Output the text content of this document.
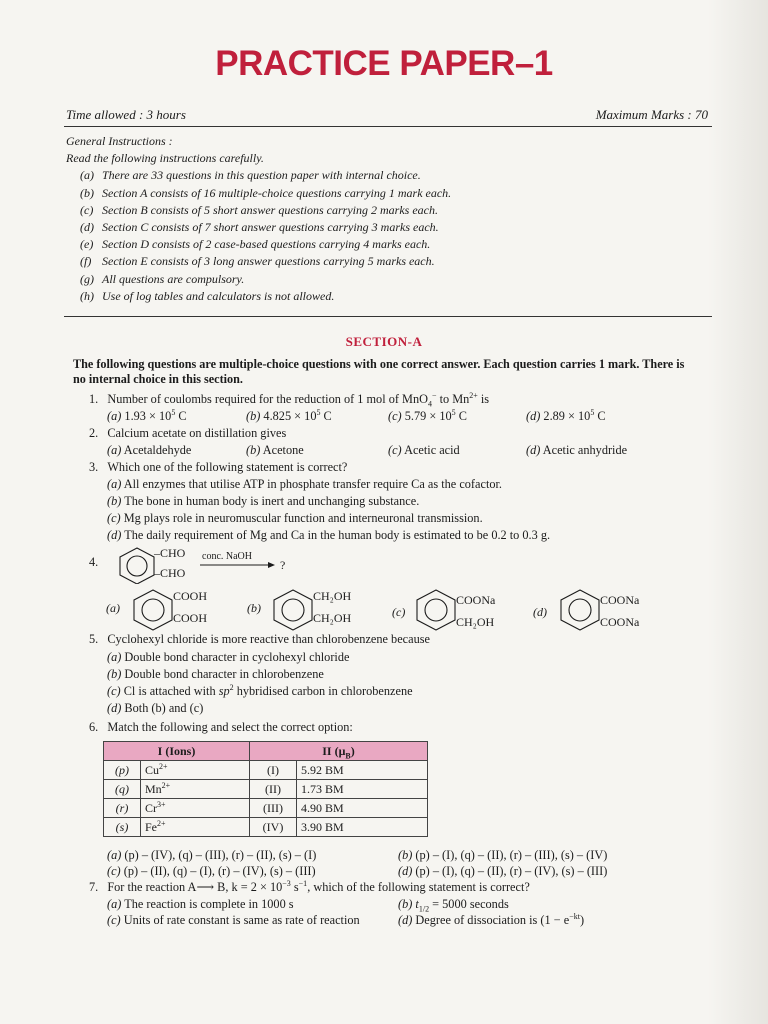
PRACTICE PAPER–1
Time allowed : 3 hours	Maximum Marks : 70
General Instructions :
Read the following instructions carefully.
(a) There are 33 questions in this question paper with internal choice.
(b) Section A consists of 16 multiple-choice questions carrying 1 mark each.
(c) Section B consists of 5 short answer questions carrying 2 marks each.
(d) Section C consists of 7 short answer questions carrying 3 marks each.
(e) Section D consists of 2 case-based questions carrying 4 marks each.
(f) Section E consists of 3 long answer questions carrying 5 marks each.
(g) All questions are compulsory.
(h) Use of log tables and calculators is not allowed.
SECTION-A
The following questions are multiple-choice questions with one correct answer. Each question carries 1 mark. There is
no internal choice in this section.
1. Number of coulombs required for the reduction of 1 mol of MnO$_4$− to $Mn^{2+}$ is
(a) $1.93 \times 10^5$ C	(b) $4.825 \times 10^5$ C	(c) $5.79 \times 10^5$ C	(d) $2.89 \times 10^5$ C
2. Calcium acetate on distillation gives
(a) Acetaldehyde	(b) Acetone	(c) Acetic acid	(d) Acetic anhydride
3. Which one of the following statement is correct?
(a) All enzymes that utilise ATP in phosphate transfer require Ca as the cofactor.
(b) The bone in human body is inert and unchanging substance.
(c) Mg plays role in neuromuscular function and interneuronal transmission.
(d) The daily requirement of Mg and Ca in the human body is estimated to be 0.2 to 0.3 g.
4.
–CHO
–CHO
conc. NaOH
?
(a)
COOH
COOH
(b)
CH₂OH
CH₂OH	(c)
COONa
CH₂OH
(d)
COONa
COONa
5. Cyclohexyl chloride is more reactive than chlorobenzene because
(a) Double bond character in cyclohexyl chloride
(b) Double bond character in chlorobenzene
(c) Cl is attached with $sp^2$ hybridised carbon in chlorobenzene
(d) Both (b) and (c)
6. Match the following and select the correct option:
I (Ions)		II $(\mu_B)$	
(p)	$Cu^{2+}$	(I)	5.92 BM
(q)	$Mn^{2+}$	(II)	1.73 BM
(r)	$Cr^{3+}$	(III)	4.90 BM
(s)	$Fe^{2+}$	(IV)	3.90 BM
(a) (p) – (IV), (q) – (III), (r) – (II), (s) – (I)	(b) (p) – (I), (q) – (II), (r) – (III), (s) – (IV)
(c) (p) – (II), (q) – (I), (r) – (IV), (s) – (III)	(d) (p) – (I), (q) – (II), (r) – (IV), (s) – (III)
7. For the reaction A⟶ B, $k = 2 \times 10^{-3}$ $s^{-1}$, which of the following statement is correct?
(a) The reaction is complete in 1000 s	(b) $t_{1/2} = 5000$ seconds
(c) Units of rate constant is same as rate of reaction	(d) Degree of dissociation is $(1 - e^{-kt})$
